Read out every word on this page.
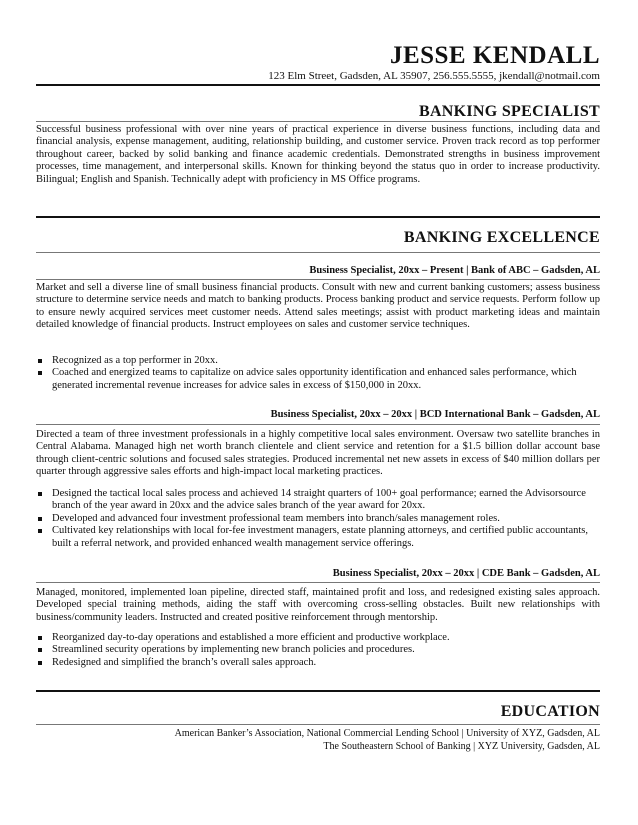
JESSE KENDALL
123 Elm Street, Gadsden, AL 35907, 256.555.5555, jkendall@notmail.com
BANKING SPECIALIST

Successful business professional with over nine years of practical experience in diverse business functions, including data and financial analysis, expense management, auditing, relationship building, and customer service. Proven track record as top performer throughout career, backed by solid banking and finance academic credentials. Demonstrated strengths in business improvement processes, time management, and interpersonal skills. Known for thinking beyond the status quo in order to increase productivity. Bilingual; English and Spanish. Technically adept with proficiency in MS Office programs.

BANKING EXCELLENCE
Business Specialist, 20xx – Present | Bank of ABC – Gadsden, AL

Market and sell a diverse line of small business financial products. Consult with new and current banking customers; assess business structure to determine service needs and match to banking products. Process banking product and service requests. Perform follow up to ensure newly acquired services meet customer needs. Attend sales meetings; assist with product marketing ideas and maintain detailed knowledge of financial products. Instruct employees on sales and customer service techniques.

Recognized as a top performer in 20xx.
Coached and energized teams to capitalize on advice sales opportunity identification and enhanced sales performance, which generated incremental revenue increases for advice sales in excess of $150,000 in 20xx.
Business Specialist, 20xx – 20xx | BCD International Bank – Gadsden, AL

Directed a team of three investment professionals in a highly competitive local sales environment. Oversaw two satellite branches in Central Alabama. Managed high net worth branch clientele and client service and retention for a $1.5 billion dollar account base through client-centric solutions and focused sales strategies. Produced incremental net new assets in excess of $40 million dollars per quarter through aggressive sales efforts and high-impact local marketing practices.

Designed the tactical local sales process and achieved 14 straight quarters of 100+ goal performance; earned the Advisorsource branch of the year award in 20xx and the advice sales branch of the year award for 20xx.
Developed and advanced four investment professional team members into branch/sales management roles.
Cultivated key relationships with local for-fee investment managers, estate planning attorneys, and certified public accountants, built a referral network, and provided enhanced wealth management service offerings.
Business Specialist, 20xx – 20xx | CDE Bank – Gadsden, AL

Managed, monitored, implemented loan pipeline, directed staff, maintained profit and loss, and redesigned existing sales approach. Developed special training methods, aiding the staff with overcoming cross-selling obstacles. Built new relationships with business/community leaders. Instructed and created positive reinforcement through mentorship.

Reorganized day-to-day operations and established a more efficient and productive workplace.
Streamlined security operations by implementing new branch policies and procedures.
Redesigned and simplified the branch’s overall sales approach.
EDUCATION
American Banker’s Association, National Commercial Lending School | University of XYZ, Gadsden, AL
The Southeastern School of Banking | XYZ University, Gadsden, AL
